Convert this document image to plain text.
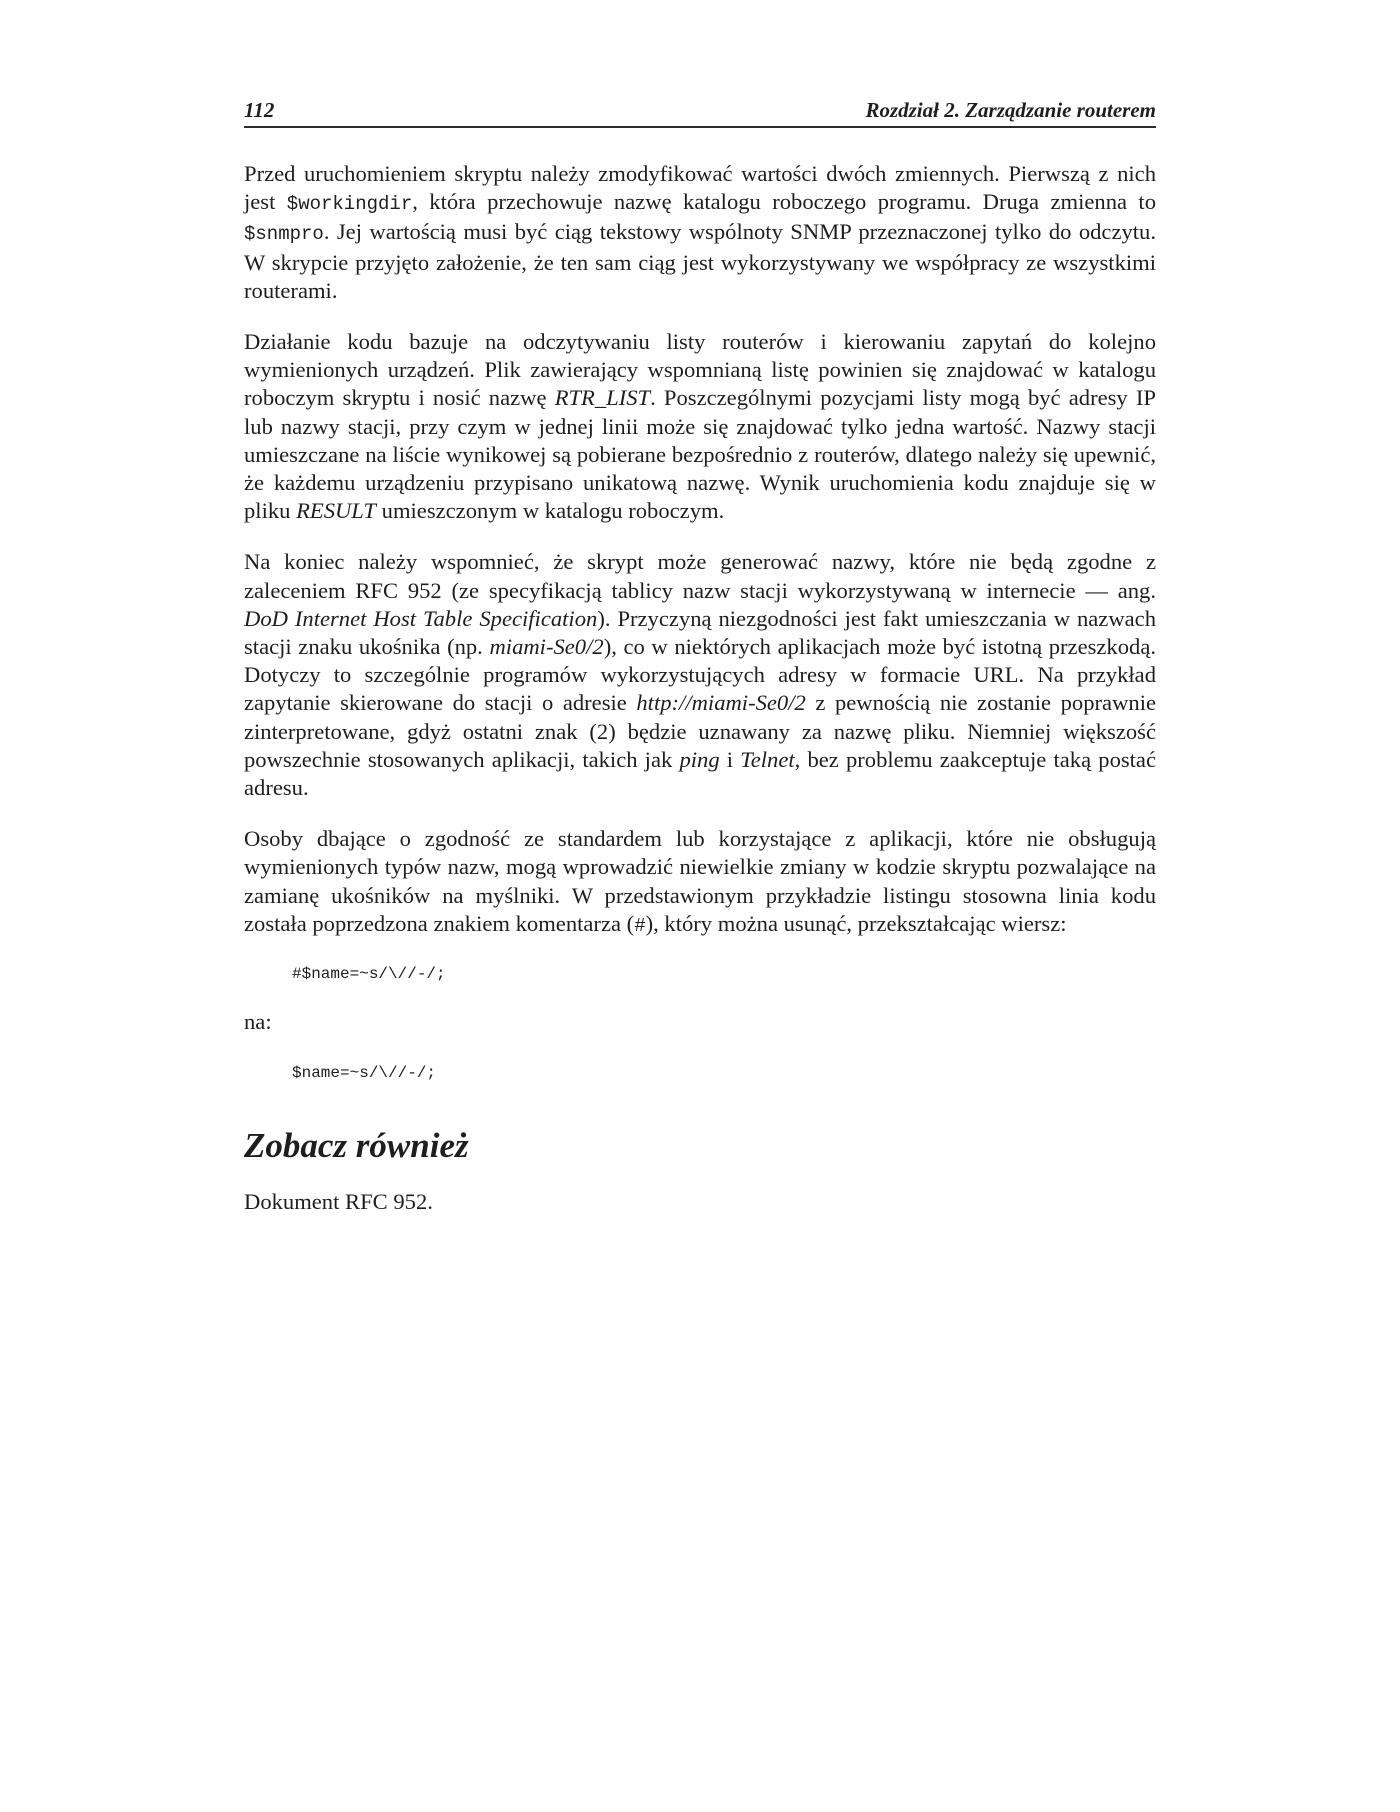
112	Rozdział 2. Zarządzanie routerem

Przed uruchomieniem skryptu należy zmodyfikować wartości dwóch zmiennych. Pierwszą z nich jest $workingdir, która przechowuje nazwę katalogu roboczego programu. Druga zmienna to $snmpro. Jej wartością musi być ciąg tekstowy wspólnoty SNMP przeznaczonej tylko do odczytu. W skrypcie przyjęto założenie, że ten sam ciąg jest wykorzystywany we współpracy ze wszystkimi routerami.

Działanie kodu bazuje na odczytywaniu listy routerów i kierowaniu zapytań do kolejno wymienionych urządzeń. Plik zawierający wspomnianą listę powinien się znajdować w katalogu roboczym skryptu i nosić nazwę RTR_LIST. Poszczególnymi pozycjami listy mogą być adresy IP lub nazwy stacji, przy czym w jednej linii może się znajdować tylko jedna wartość. Nazwy stacji umieszczane na liście wynikowej są pobierane bezpośrednio z routerów, dlatego należy się upewnić, że każdemu urządzeniu przypisano unikatową nazwę. Wynik uruchomienia kodu znajduje się w pliku RESULT umieszczonym w katalogu roboczym.

Na koniec należy wspomnieć, że skrypt może generować nazwy, które nie będą zgodne z zaleceniem RFC 952 (ze specyfikacją tablicy nazw stacji wykorzystywaną w internecie — ang. DoD Internet Host Table Specification). Przyczyną niezgodności jest fakt umieszczania w nazwach stacji znaku ukośnika (np. miami-Se0/2), co w niektórych aplikacjach może być istotną przeszkodą. Dotyczy to szczególnie programów wykorzystujących adresy w formacie URL. Na przykład zapytanie skierowane do stacji o adresie http://miami-Se0/2 z pewnością nie zostanie poprawnie zinterpretowane, gdyż ostatni znak (2) będzie uznawany za nazwę pliku. Niemniej większość powszechnie stosowanych aplikacji, takich jak ping i Telnet, bez problemu zaakceptuje taką postać adresu.

Osoby dbające o zgodność ze standardem lub korzystające z aplikacji, które nie obsługują wymienionych typów nazw, mogą wprowadzić niewielkie zmiany w kodzie skryptu pozwalające na zamianę ukośników na myślniki. W przedstawionym przykładzie listingu stosowna linia kodu została poprzedzona znakiem komentarza (#), który można usunąć, przekształcając wiersz:

#$name=~s/\//-/;

na:

$name=~s/\//-/;
Zobacz również

Dokument RFC 952.
